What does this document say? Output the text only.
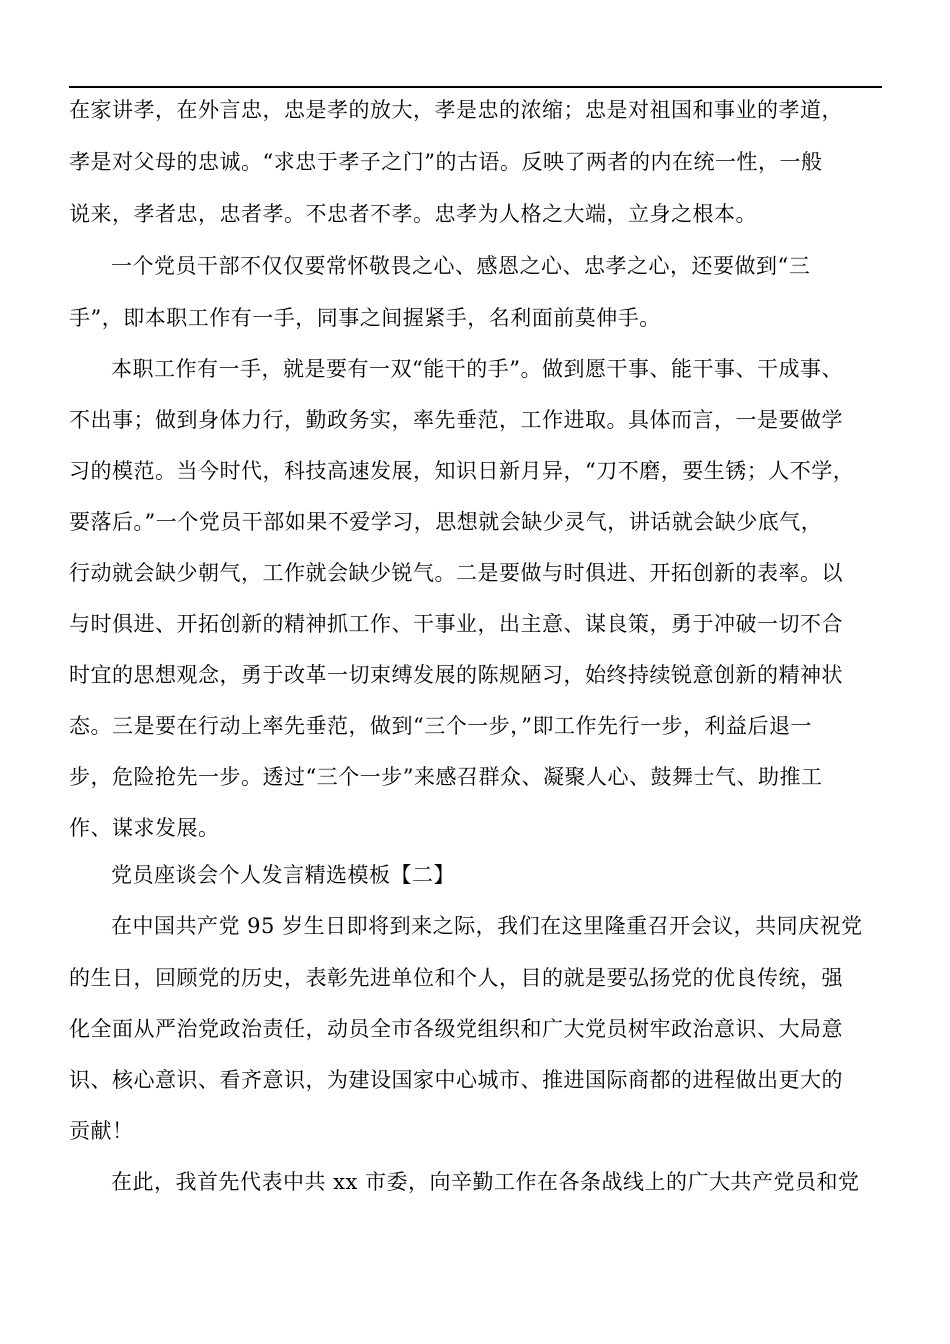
在家讲孝，在外言忠，忠是孝的放大，孝是忠的浓缩；忠是对祖国和事业的孝道，
孝是对父母的忠诚。“求忠于孝子之门”的古语。反映了两者的内在统一性，一般
说来，孝者忠，忠者孝。不忠者不孝。忠孝为人格之大端，立身之根本。
一个党员干部不仅仅要常怀敬畏之心、感恩之心、忠孝之心，还要做到“三
手”，即本职工作有一手，同事之间握紧手，名利面前莫伸手。
本职工作有一手，就是要有一双“能干的手”。做到愿干事、能干事、干成事、
不出事；做到身体力行，勤政务实，率先垂范，工作进取。具体而言，一是要做学
习的模范。当今时代，科技高速发展，知识日新月异，“刀不磨，要生锈；人不学，
要落后。”一个党员干部如果不爱学习，思想就会缺少灵气，讲话就会缺少底气，
行动就会缺少朝气，工作就会缺少锐气。二是要做与时俱进、开拓创新的表率。以
与时俱进、开拓创新的精神抓工作、干事业，出主意、谋良策，勇于冲破一切不合
时宜的思想观念，勇于改革一切束缚发展的陈规陋习，始终持续锐意创新的精神状
态。三是要在行动上率先垂范，做到“三个一步，”即工作先行一步，利益后退一
步，危险抢先一步。透过“三个一步”来感召群众、凝聚人心、鼓舞士气、助推工
作、谋求发展。
党员座谈会个人发言精选模板【二】
在中国共产党 95 岁生日即将到来之际，我们在这里隆重召开会议，共同庆祝党
的生日，回顾党的历史，表彰先进单位和个人，目的就是要弘扬党的优良传统，强
化全面从严治党政治责任，动员全市各级党组织和广大党员树牢政治意识、大局意
识、核心意识、看齐意识，为建设国家中心城市、推进国际商都的进程做出更大的
贡献！
在此，我首先代表中共 xx 市委，向辛勤工作在各条战线上的广大共产党员和党
